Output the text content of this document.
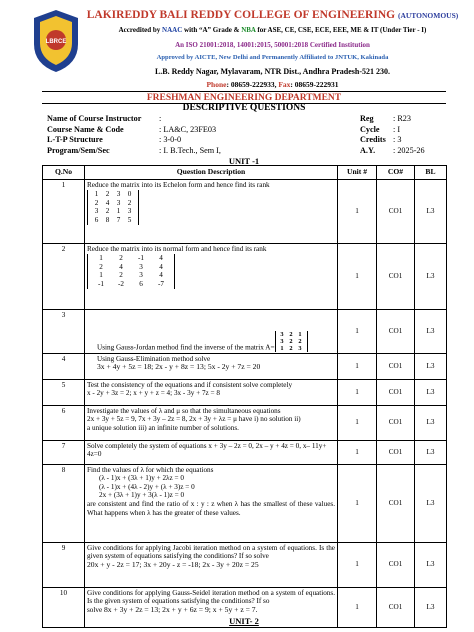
LBRCE
LAKIREDDY BALI REDDY COLLEGE OF ENGINEERING (AUTONOMOUS)
Accredited by NAAC with “A” Grade & NBA for ASE, CE, CSE, ECE, EEE, ME & IT (Under Tier - I)
An ISO 21001:2018, 14001:2015, 50001:2018 Certified Institution
Approved by AICTE, New Delhi and Permanently Affiliated to JNTUK, Kakinada
L.B. Reddy Nagar, Mylavaram, NTR Dist., Andhra Pradesh-521 230.
Phone: 08659-222933, Fax: 08659-222931
FRESHMAN ENGINEERING DEPARTMENT
DESCRIPTIVE QUESTIONS
Name of Course Instructor :
Course Name & Code	: LA&C, 23FE03
L-T-P Structure	: 3-0-0
Program/Sem/Sec	: I. B.Tech., Sem I,
Reg : R23
Cycle : I
Credits : 3
A.Y. : 2025-26
UNIT -1
Q.No	Question Description	Unit #	CO#	BL
1	Reduce the matrix into its Echelon form and hence find its rank
1 2 3 0
2 4 3 2
3 2 1 3
6 8 7 5	1	CO1	L3
2	Reduce the matrix into its normal form and hence find its rank
1 2 -1 4
2 4 3 4
1 2 3 4
-1 -2 6 -7	1	CO1	L3
3	Using Gauss-Jordan method find the inverse of the matrix A=3 2 1
3 2 2
1 2 3	1	CO1	L3
4	Using Gauss-Elimination method solve
3x + 4y + 5z = 18; 2x - y + 8z = 13; 5x - 2y + 7z = 20	1	CO1	L3
5	Test the consistency of the equations and if consistent solve completely
x - 2y + 3z = 2; x + y + z = 4; 3x - 3y + 7z = 8	1	CO1	L3
6	Investigate the values of λ and μ so that the simultaneous equations
2x + 3y + 5z = 9, 7x + 3y – 2z = 8, 2x + 3y + λz = μ have i) no solution ii)
a unique solution iii) an infinite number of solutions.	1	CO1	L3
7	Solve completely the system of equations x + 3y – 2z = 0, 2x – y + 4z = 0, x– 11y+ 4z=0	1	CO1	L3
8	Find the values of λ for which the equations
(λ - 1)x + (3λ + 1)y + 2λz = 0
(λ - 1)x + (4λ - 2)y + (λ + 3)z = 0
2x + (3λ + 1)y + 3(λ - 1)z = 0
are consistent and find the ratio of x : y : z when λ has the smallest of these values. What happens when λ has the greater of these values.	1	CO1	L3
9	Give conditions for applying Jacobi iteration method on a system of equations. Is the given system of equations satisfying the conditions? If so solve
20x + y - 2z = 17; 3x + 20y - z = -18; 2x - 3y + 20z = 25	1	CO1	L3
10	Give conditions for applying Gauss-Seidel iteration method on a system of equations. Is the given system of equations satisfying the conditions? If so
solve 8x + 3y + 2z = 13; 2x + y + 6z = 9; x + 5y + z = 7.	1	CO1	L3
UNIT- 2
